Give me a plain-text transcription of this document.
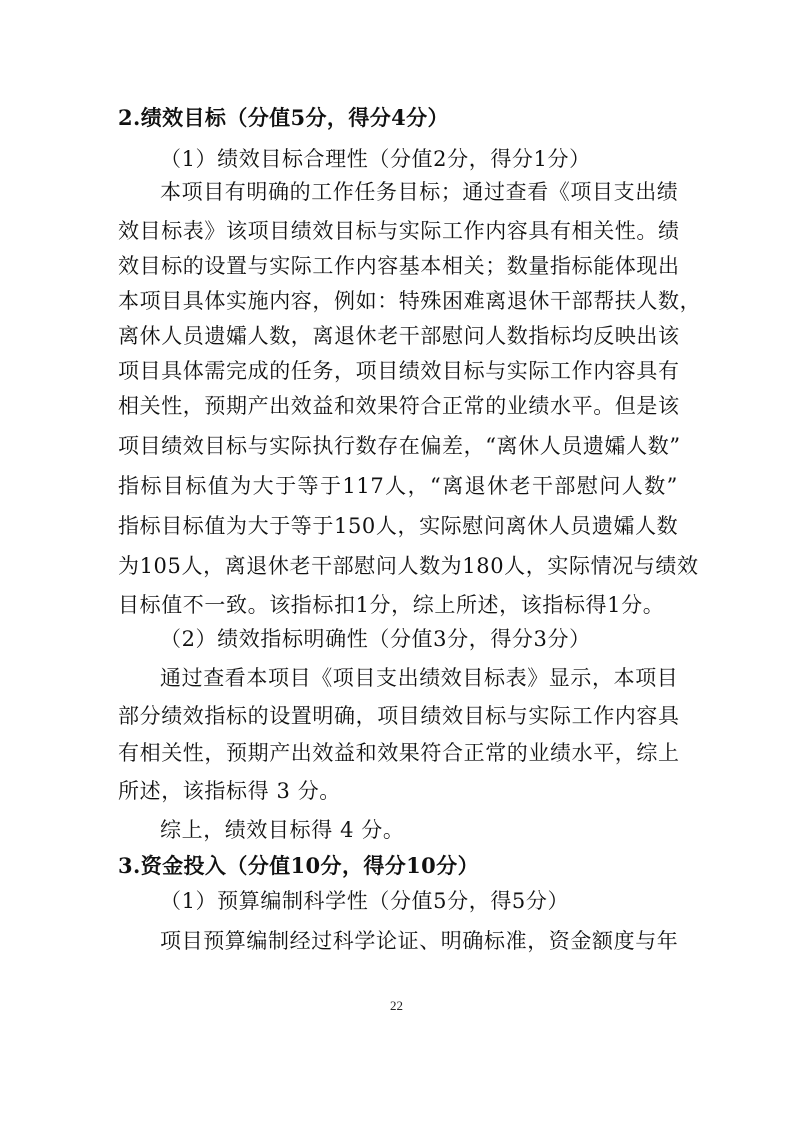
2.绩效目标（分值5分，得分4分）
（1）绩效目标合理性（分值2分，得分1分）
本项目有明确的工作任务目标；通过查看《项目支出绩
效目标表》该项目绩效目标与实际工作内容具有相关性。绩
效目标的设置与实际工作内容基本相关；数量指标能体现出
本项目具体实施内容，例如：特殊困难离退休干部帮扶人数，
离休人员遗孀人数，离退休老干部慰问人数指标均反映出该
项目具体需完成的任务，项目绩效目标与实际工作内容具有
相关性，预期产出效益和效果符合正常的业绩水平。但是该
项目绩效目标与实际执行数存在偏差，“离休人员遗孀人数”
指标目标值为大于等于117人，“离退休老干部慰问人数”
指标目标值为大于等于150人，实际慰问离休人员遗孀人数
为105人，离退休老干部慰问人数为180人，实际情况与绩效
目标值不一致。该指标扣1分，综上所述，该指标得1分。
（2）绩效指标明确性（分值3分，得分3分）
通过查看本项目《项目支出绩效目标表》显示，本项目
部分绩效指标的设置明确，项目绩效目标与实际工作内容具
有相关性，预期产出效益和效果符合正常的业绩水平，综上
所述，该指标得 3 分。
综上，绩效目标得 4 分。
3.资金投入（分值10分，得分10分）
（1）预算编制科学性（分值5分，得5分）
项目预算编制经过科学论证、明确标准，资金额度与年
22
